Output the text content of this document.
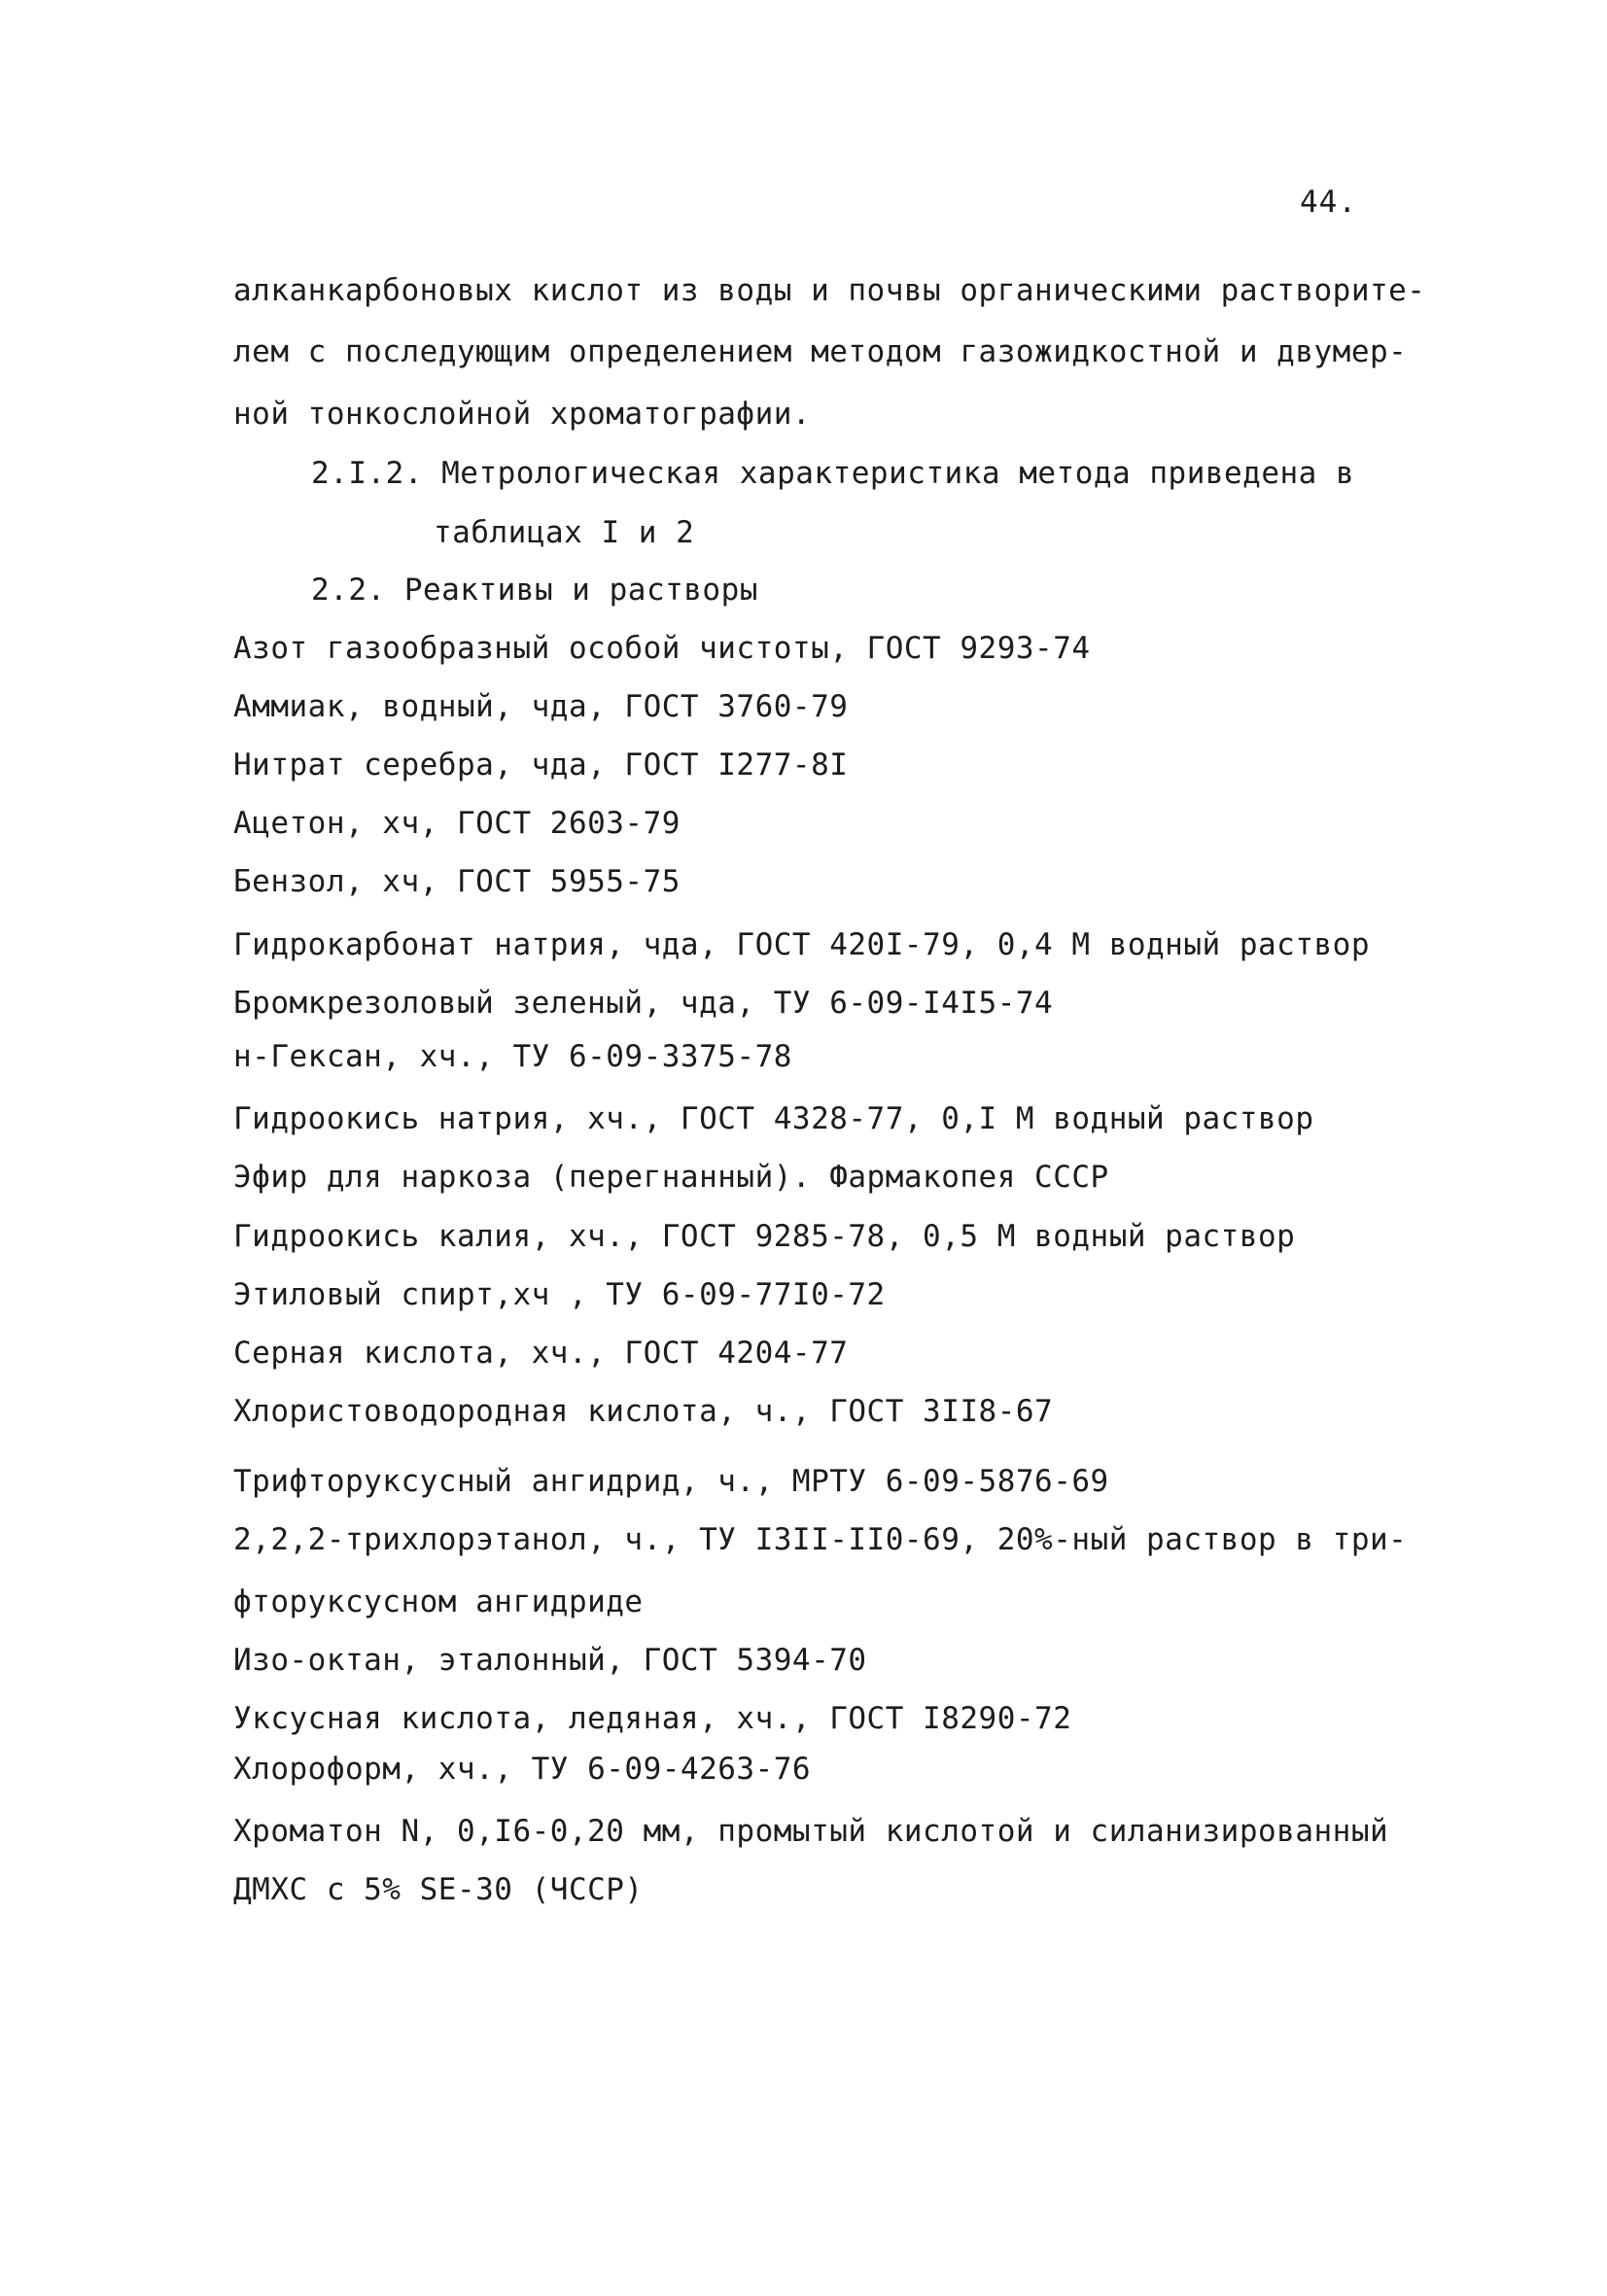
44.
алканкарбоновых кислот из воды и почвы органическими растворите-
лем с последующим определением методом газожидкостной и двумер-
ной тонкослойной хроматографии.
2.I.2. Метрологическая характеристика метода приведена в
таблицах I и 2
2.2. Реактивы и растворы
Азот газообразный особой чистоты, ГОСТ 9293-74
Аммиак, водный, чда, ГОСТ 3760-79
Нитрат серебра, чда, ГОСТ I277-8I
Ацетон, хч, ГОСТ 2603-79
Бензол, хч, ГОСТ 5955-75
Гидрокарбонат натрия, чда, ГОСТ 420I-79, 0,4 М водный раствор
Бромкрезоловый зеленый, чда, ТУ 6-09-I4I5-74
н-Гексан, хч., ТУ 6-09-3375-78
Гидроокись натрия, хч., ГОСТ 4328-77, 0,I М водный раствор
Эфир для наркоза (перегнанный). Фармакопея СССР
Гидроокись калия, хч., ГОСТ 9285-78, 0,5 М водный раствор
Этиловый спирт,хч , ТУ 6-09-77I0-72
Серная кислота, хч., ГОСТ 4204-77
Хлористоводородная кислота, ч., ГОСТ 3II8-67
Трифторуксусный ангидрид, ч., МРТУ 6-09-5876-69
2,2,2-трихлорэтанол, ч., ТУ I3II-II0-69, 20%-ный раствор в три-
фторуксусном ангидриде
Изо-октан, эталонный, ГОСТ 5394-70
Уксусная кислота, ледяная, хч., ГОСТ I8290-72
Хлороформ, хч., ТУ 6-09-4263-76
Хроматон N, 0,I6-0,20 мм, промытый кислотой и силанизированный
ДМХС с 5% SE-30 (ЧССР)
